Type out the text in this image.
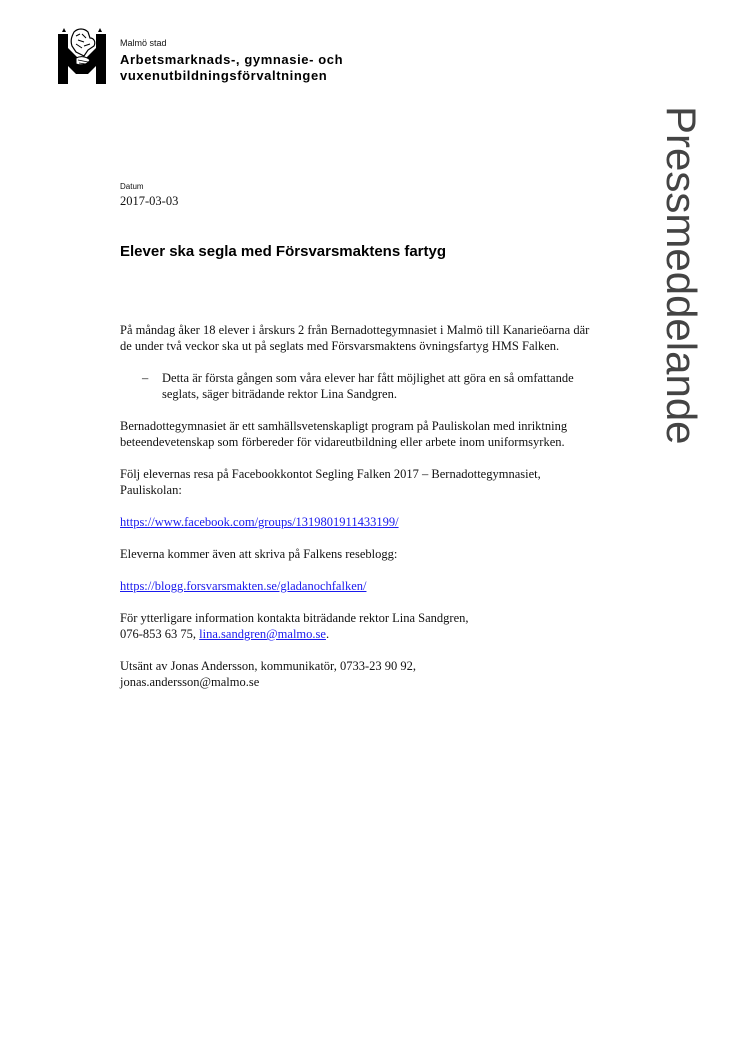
Malmö stad
Arbetsmarknads-, gymnasie- och
vuxenutbildningsförvaltningen
Pressmeddelande
Datum
2017-03-03
Elever ska segla med Försvarsmaktens fartyg

På måndag åker 18 elever i årskurs 2 från Bernadottegymnasiet i Malmö till Kanarieöarna där de under två veckor ska ut på seglats med Försvarsmaktens övningsfartyg HMS Falken.

–	Detta är första gången som våra elever har fått möjlighet att göra en så omfattande seglats, säger biträdande rektor Lina Sandgren.

Bernadottegymnasiet är ett samhällsvetenskapligt program på Pauliskolan med inriktning beteendevetenskap som förbereder för vidareutbildning eller arbete inom uniformsyrken.

Följ elevernas resa på Facebookkontot Segling Falken 2017 – Bernadottegymnasiet, Pauliskolan:

https://www.facebook.com/groups/1319801911433199/

Eleverna kommer även att skriva på Falkens reseblogg:

https://blogg.forsvarsmakten.se/gladanochfalken/

För ytterligare information kontakta biträdande rektor Lina Sandgren,
076-853 63 75, lina.sandgren@malmo.se.

Utsänt av Jonas Andersson, kommunikatör, 0733-23 90 92,
jonas.andersson@malmo.se
